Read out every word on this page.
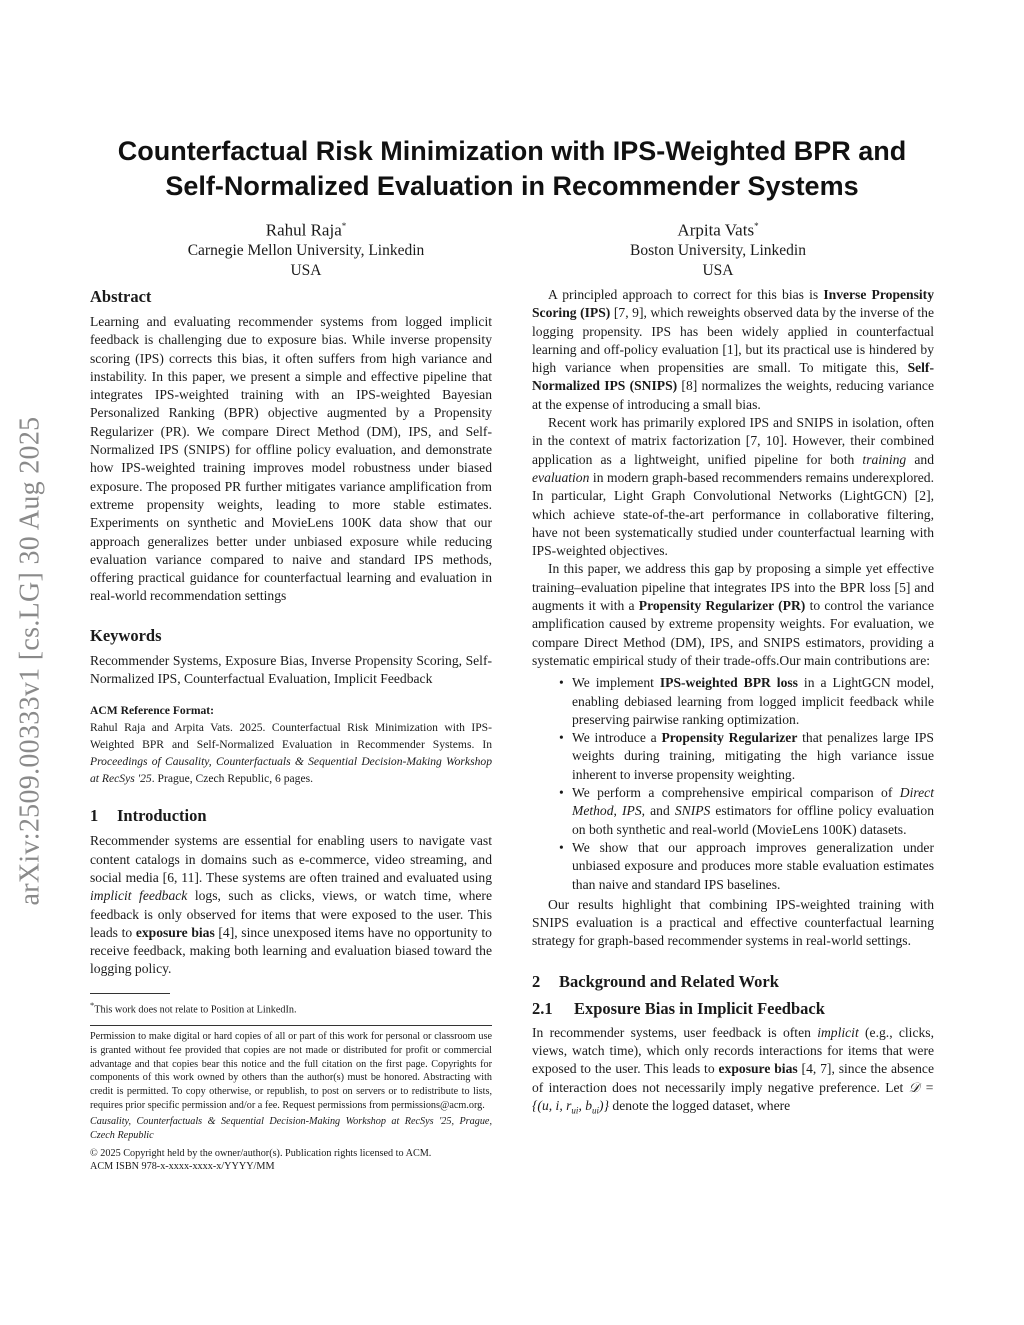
arXiv:2509.00333v1 [cs.LG] 30 Aug 2025
Counterfactual Risk Minimization with IPS-Weighted BPR and
Self-Normalized Evaluation in Recommender Systems
Rahul Raja*
Carnegie Mellon University, Linkedin
USA
Arpita Vats*
Boston University, Linkedin
USA
Abstract

Learning and evaluating recommender systems from logged implicit feedback is challenging due to exposure bias. While inverse propensity scoring (IPS) corrects this bias, it often suffers from high variance and instability. In this paper, we present a simple and effective pipeline that integrates IPS-weighted training with an IPS-weighted Bayesian Personalized Ranking (BPR) objective augmented by a Propensity Regularizer (PR). We compare Direct Method (DM), IPS, and Self-Normalized IPS (SNIPS) for offline policy evaluation, and demonstrate how IPS-weighted training improves model robustness under biased exposure. The proposed PR further mitigates variance amplification from extreme propensity weights, leading to more stable estimates. Experiments on synthetic and MovieLens 100K data show that our approach generalizes better under unbiased exposure while reducing evaluation variance compared to naive and standard IPS methods, offering practical guidance for counterfactual learning and evaluation in real-world recommendation settings

Keywords

Recommender Systems, Exposure Bias, Inverse Propensity Scoring, Self-Normalized IPS, Counterfactual Evaluation, Implicit Feedback

ACM Reference Format:

Rahul Raja and Arpita Vats. 2025. Counterfactual Risk Minimization with IPS-Weighted BPR and Self-Normalized Evaluation in Recommender Systems. In Proceedings of Causality, Counterfactuals & Sequential Decision-Making Workshop at RecSys '25. Prague, Czech Republic, 6 pages.

1 Introduction

Recommender systems are essential for enabling users to navigate vast content catalogs in domains such as e-commerce, video streaming, and social media [6, 11]. These systems are often trained and evaluated using implicit feedback logs, such as clicks, views, or watch time, where feedback is only observed for items that were exposed to the user. This leads to exposure bias [4], since unexposed items have no opportunity to receive feedback, making both learning and evaluation biased toward the logging policy.

*This work does not relate to Position at LinkedIn.

Permission to make digital or hard copies of all or part of this work for personal or classroom use is granted without fee provided that copies are not made or distributed for profit or commercial advantage and that copies bear this notice and the full citation on the first page. Copyrights for components of this work owned by others than the author(s) must be honored. Abstracting with credit is permitted. To copy otherwise, or republish, to post on servers or to redistribute to lists, requires prior specific permission and/or a fee. Request permissions from permissions@acm.org.

Causality, Counterfactuals & Sequential Decision-Making Workshop at RecSys '25, Prague, Czech Republic

© 2025 Copyright held by the owner/author(s). Publication rights licensed to ACM.

ACM ISBN 978-x-xxxx-xxxx-x/YYYY/MM

A principled approach to correct for this bias is Inverse Propensity Scoring (IPS) [7, 9], which reweights observed data by the inverse of the logging propensity. IPS has been widely applied in counterfactual learning and off-policy evaluation [1], but its practical use is hindered by high variance when propensities are small. To mitigate this, Self-Normalized IPS (SNIPS) [8] normalizes the weights, reducing variance at the expense of introducing a small bias.

Recent work has primarily explored IPS and SNIPS in isolation, often in the context of matrix factorization [7, 10]. However, their combined application as a lightweight, unified pipeline for both training and evaluation in modern graph-based recommenders remains underexplored. In particular, Light Graph Convolutional Networks (LightGCN) [2], which achieve state-of-the-art performance in collaborative filtering, have not been systematically studied under counterfactual learning with IPS-weighted objectives.

In this paper, we address this gap by proposing a simple yet effective training–evaluation pipeline that integrates IPS into the BPR loss [5] and augments it with a Propensity Regularizer (PR) to control the variance amplification caused by extreme propensity weights. For evaluation, we compare Direct Method (DM), IPS, and SNIPS estimators, providing a systematic empirical study of their trade-offs.Our main contributions are:

• We implement IPS-weighted BPR loss in a LightGCN model, enabling debiased learning from logged implicit feedback while preserving pairwise ranking optimization.
• We introduce a Propensity Regularizer that penalizes large IPS weights during training, mitigating the high variance issue inherent to inverse propensity weighting.
• We perform a comprehensive empirical comparison of Direct Method, IPS, and SNIPS estimators for offline policy evaluation on both synthetic and real-world (MovieLens 100K) datasets.
• We show that our approach improves generalization under unbiased exposure and produces more stable evaluation estimates than naive and standard IPS baselines.

Our results highlight that combining IPS-weighted training with SNIPS evaluation is a practical and effective counterfactual learning strategy for graph-based recommender systems in real-world settings.

2 Background and Related Work
2.1 Exposure Bias in Implicit Feedback

In recommender systems, user feedback is often implicit (e.g., clicks, views, watch time), which only records interactions for items that were exposed to the user. This leads to exposure bias [4, 7], since the absence of interaction does not necessarily imply negative preference. Let 𝒟 = {(u, i, $r_{ui}$, $b_{ui}$)} denote the logged dataset, where
